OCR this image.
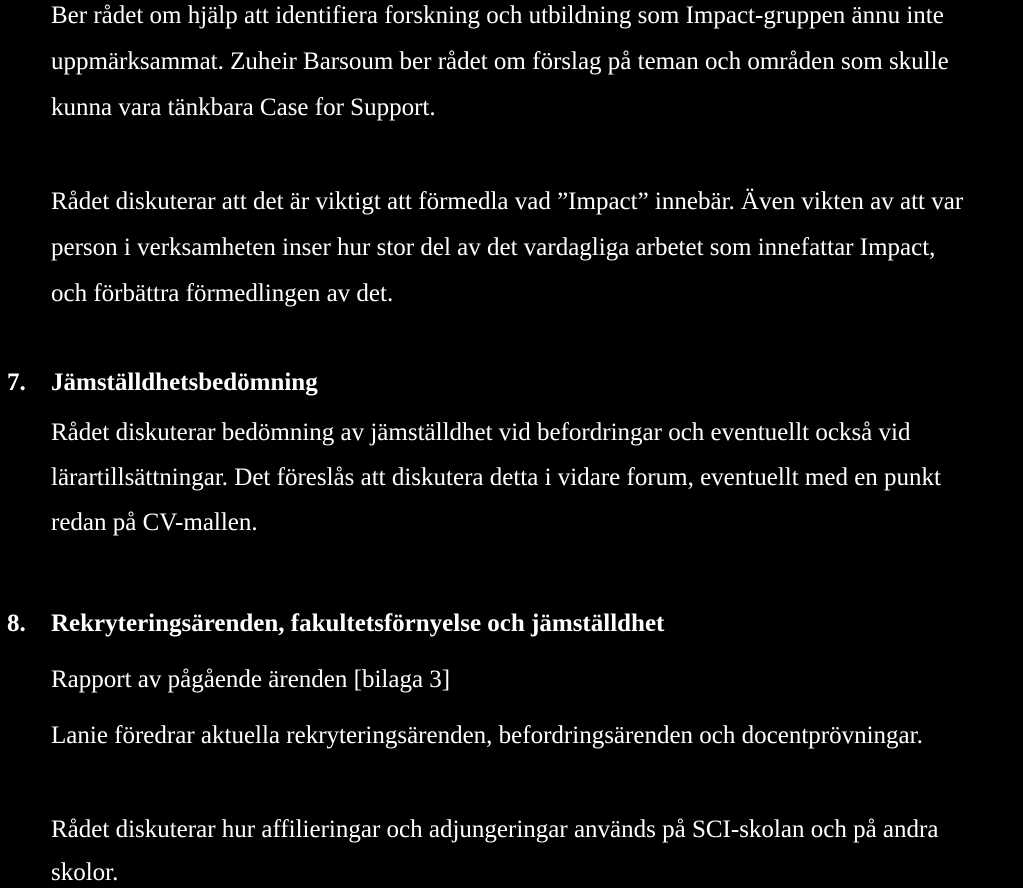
Ber rådet om hjälp att identifiera forskning och utbildning som Impact-gruppen ännu inte
uppmärksammat. Zuheir Barsoum ber rådet om förslag på teman och områden som skulle
kunna vara tänkbara Case for Support.
Rådet diskuterar att det är viktigt att förmedla vad ”Impact” innebär. Även vikten av att var
person i verksamheten inser hur stor del av det vardagliga arbetet som innefattar Impact,
och förbättra förmedlingen av det.
7. Jämställdhetsbedömning
Rådet diskuterar bedömning av jämställdhet vid befordringar och eventuellt också vid
lärartillsättningar. Det föreslås att diskutera detta i vidare forum, eventuellt med en punkt
redan på CV-mallen.
8. Rekryteringsärenden, fakultetsförnyelse och jämställdhet
Rapport av pågående ärenden [bilaga 3]
Lanie föredrar aktuella rekryteringsärenden, befordringsärenden och docentprövningar.
Rådet diskuterar hur affilieringar och adjungeringar används på SCI-skolan och på andra
skolor.
